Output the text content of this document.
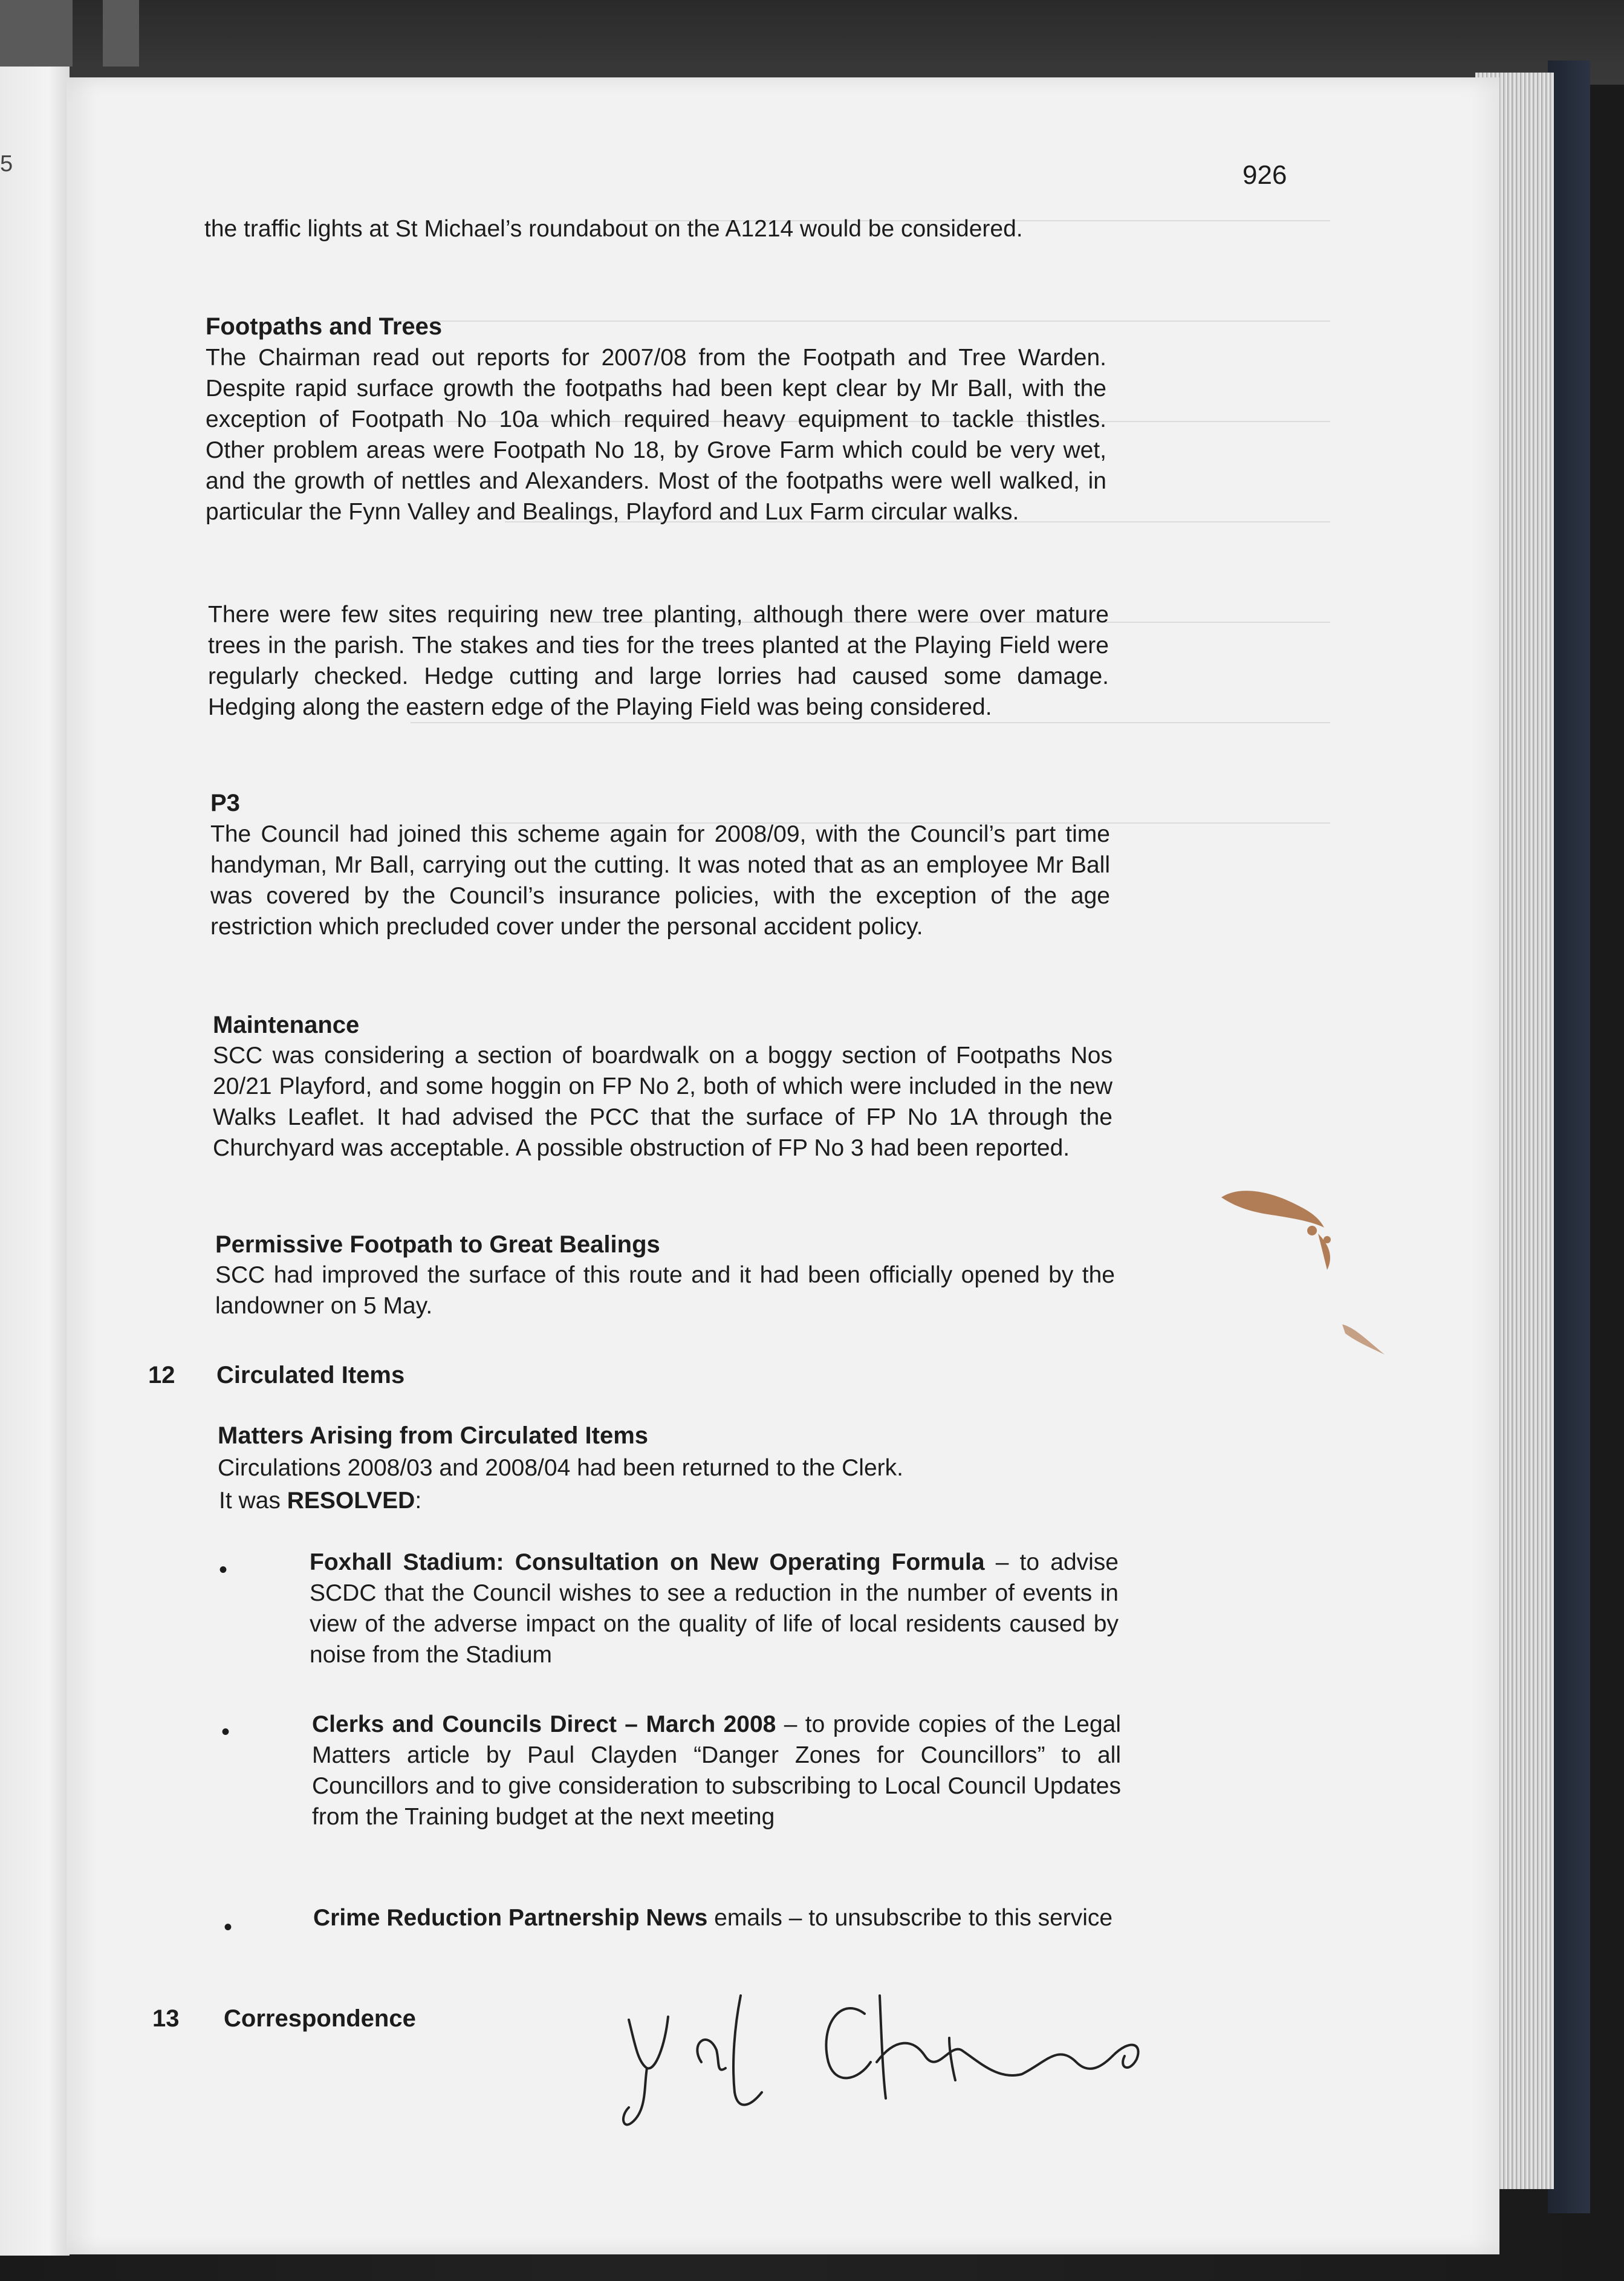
5	926
the traffic lights at St Michael’s roundabout on the A1214 would be considered.
Footpaths and Trees
The Chairman read out reports for 2007/08 from the Footpath and Tree Warden. Despite rapid surface growth the footpaths had been kept clear by Mr Ball, with the exception of Footpath No 10a which required heavy equipment to tackle thistles. Other problem areas were Footpath No 18, by Grove Farm which could be very wet, and the growth of nettles and Alexanders. Most of the footpaths were well walked, in particular the Fynn Valley and Bealings, Playford and Lux Farm circular walks.
There were few sites requiring new tree planting, although there were over mature trees in the parish. The stakes and ties for the trees planted at the Playing Field were regularly checked. Hedge cutting and large lorries had caused some damage. Hedging along the eastern edge of the Playing Field was being considered.
P3
The Council had joined this scheme again for 2008/09, with the Council’s part time handyman, Mr Ball, carrying out the cutting. It was noted that as an employee Mr Ball was covered by the Council’s insurance policies, with the exception of the age restriction which precluded cover under the personal accident policy.
Maintenance
SCC was considering a section of boardwalk on a boggy section of Footpaths Nos 20/21 Playford, and some hoggin on FP No 2, both of which were included in the new Walks Leaflet. It had advised the PCC that the surface of FP No 1A through the Churchyard was acceptable. A possible obstruction of FP No 3 had been reported.
Permissive Footpath to Great Bealings
SCC had improved the surface of this route and it had been officially opened by the landowner on 5 May.
12 Circulated Items
Matters Arising from Circulated Items
Circulations 2008/03 and 2008/04 had been returned to the Clerk.
It was RESOLVED:
•	Foxhall Stadium: Consultation on New Operating Formula – to advise SCDC that the Council wishes to see a reduction in the number of events in view of the adverse impact on the quality of life of local residents caused by noise from the Stadium
•	Clerks and Councils Direct – March 2008 – to provide copies of the Legal Matters article by Paul Clayden “Danger Zones for Councillors” to all Councillors and to give consideration to subscribing to Local Council Updates from the Training budget at the next meeting
•	Crime Reduction Partnership News emails – to unsubscribe to this service
13 Correspondence
